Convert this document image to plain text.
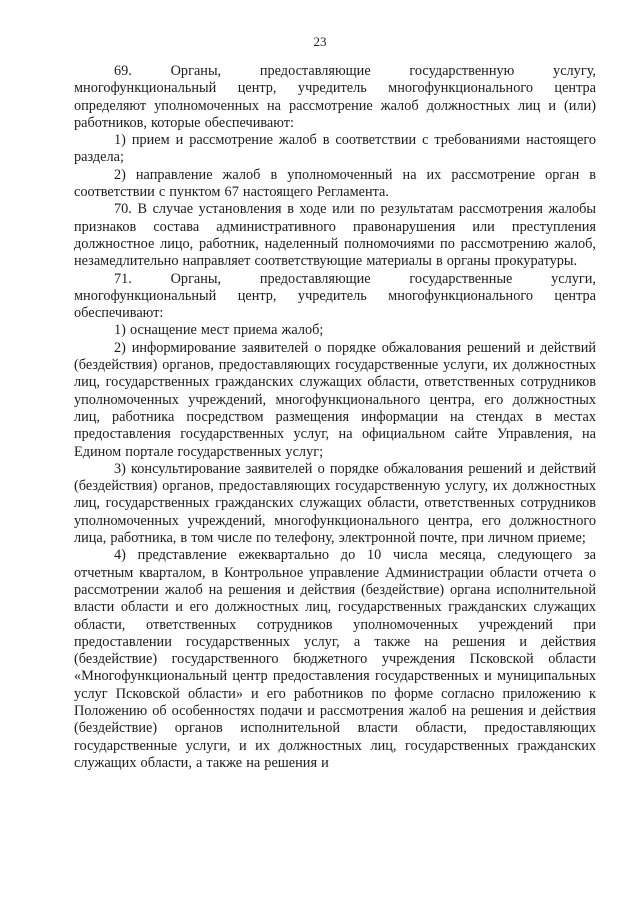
23

69. Органы, предоставляющие государственную услугу, многофункциональный центр, учредитель многофункционального центра определяют уполномоченных на рассмотрение жалоб должностных лиц и (или) работников, которые обеспечивают:

1) прием и рассмотрение жалоб в соответствии с требованиями настоящего раздела;

2) направление жалоб в уполномоченный на их рассмотрение орган в соответствии с пунктом 67 настоящего Регламента.

70. В случае установления в ходе или по результатам рассмотрения жалобы признаков состава административного правонарушения или преступления должностное лицо, работник, наделенный полномочиями по рассмотрению жалоб, незамедлительно направляет соответствующие материалы в органы прокуратуры.

71. Органы, предоставляющие государственные услуги, многофункциональный центр, учредитель многофункционального центра обеспечивают:

1) оснащение мест приема жалоб;

2) информирование заявителей о порядке обжалования решений и действий (бездействия) органов, предоставляющих государственные услуги, их должностных лиц, государственных гражданских служащих области, ответственных сотрудников уполномоченных учреждений, многофункционального центра, его должностных лиц, работника посредством размещения информации на стендах в местах предоставления государственных услуг, на официальном сайте Управления, на Едином портале государственных услуг;

3) консультирование заявителей о порядке обжалования решений и действий (бездействия) органов, предоставляющих государственную услугу, их должностных лиц, государственных гражданских служащих области, ответственных сотрудников уполномоченных учреждений, многофункционального центра, его должностного лица, работника, в том числе по телефону, электронной почте, при личном приеме;

4) представление ежеквартально до 10 числа месяца, следующего за отчетным кварталом, в Контрольное управление Администрации области отчета о рассмотрении жалоб на решения и действия (бездействие) органа исполнительной власти области и его должностных лиц, государственных гражданских служащих области, ответственных сотрудников уполномоченных учреждений при предоставлении государственных услуг, а также на решения и действия (бездействие) государственного бюджетного учреждения Псковской области «Многофункциональный центр предоставления государственных и муниципальных услуг Псковской области» и его работников по форме согласно приложению к Положению об особенностях подачи и рассмотрения жалоб на решения и действия (бездействие) органов исполнительной власти области, предоставляющих государственные услуги, и их должностных лиц, государственных гражданских служащих области, а также на решения и
